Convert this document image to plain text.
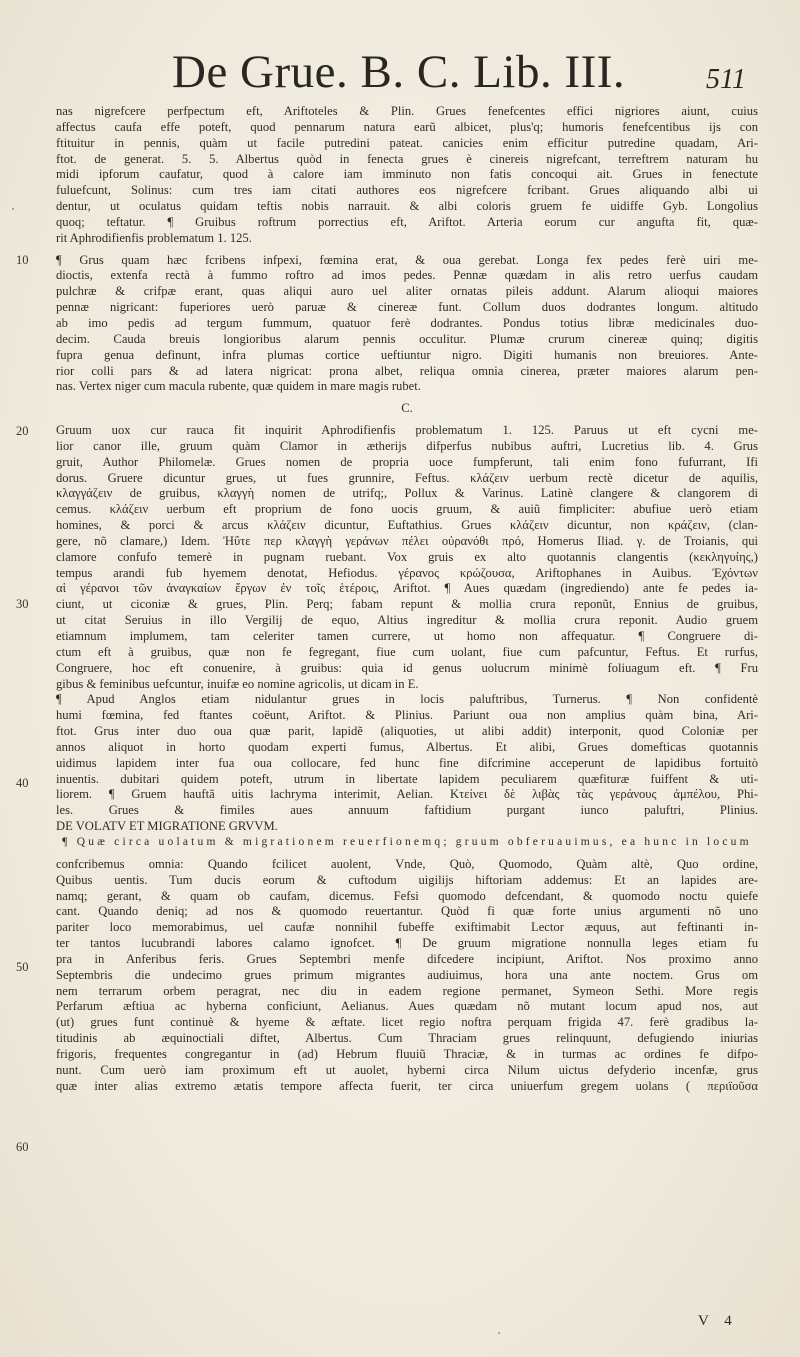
De Grue. B. C. Lib. III.	511
10
20
30
40
50
60
nas nigrefcere perfpectum eft, Ariftoteles & Plin. Grues fenefcentes effici nigriores aiunt, cuius
affectus caufa effe poteft, quod pennarum natura earũ albicet, plus'q; humoris fenefcentibus ijs con
ftituitur in pennis, quàm ut facile putredini pateat. canicies enim efficitur putredine quadam, Ari-
ftot. de generat. 5. 5. Albertus quòd in fenecta grues è cinereis nigrefcant, terreftrem naturam hu
midi ipforum caufatur, quod à calore iam imminuto non fatis concoqui ait. Grues in fenectute
fuluefcunt, Solinus: cum tres iam citati authores eos nigrefcere fcribant. Grues aliquando albi ui
dentur, ut oculatus quidam teftis nobis narrauit. & albi coloris gruem fe uidiffe Gyb. Longolius
quoq; teftatur. ¶ Gruibus roftrum porrectius eft, Ariftot. Arteria eorum cur angufta fit, quæ-
rit Aphrodifienfis problematum 1. 125.
¶ Grus quam hæc fcribens infpexi, fœmina erat, & oua gerebat. Longa fex pedes ferè uiri me-
dioctis, extenfa rectà à fummo roftro ad imos pedes. Pennæ quædam in alis retro uerfus caudam
pulchræ & crifpæ erant, quas aliqui auro uel aliter ornatas pileis addunt. Alarum alioqui maiores
pennæ nigricant: fuperiores uerò paruæ & cinereæ funt. Collum duos dodrantes longum. altitudo
ab imo pedis ad tergum fummum, quatuor ferè dodrantes. Pondus totius libræ medicinales duo-
decim. Cauda breuis longioribus alarum pennis occulitur. Plumæ crurum cinereæ quinq; digitis
fupra genua definunt, infra plumas cortice ueftiuntur nigro. Digiti humanis non breuiores. Ante-
rior colli pars & ad latera nigricat: prona albet, reliqua omnia cinerea, præter maiores alarum pen-
nas. Vertex niger cum macula rubente, quæ quidem in mare magis rubet.
C.
Gruum uox cur rauca fit inquirit Aphrodifienfis problematum 1. 125. Paruus ut eft cycni me-
lior canor ille, gruum quàm Clamor in ætherijs difperfus nubibus auftri, Lucretius lib. 4. Grus
gruit, Author Philomelæ. Grues nomen de propria uoce fumpferunt, tali enim fono fufurrant, Ifi
dorus. Gruere dicuntur grues, ut fues grunnire, Feftus. κλάζειν uerbum rectè dicetur de aquilis,
κλαγγάζειν de gruibus, κλαγγὴ nomen de utrifq;, Pollux & Varinus. Latinè clangere & clangorem di
cemus. κλάζειν uerbum eft proprium de fono uocis gruum, & auiũ fimpliciter: abufiue uerò etiam
homines, & porci & arcus κλάζειν dicuntur, Euftathius. Grues κλάζειν dicuntur, non κράζειν, (clan-
gere, nõ clamare,) Idem. Ἠΰτε περ κλαγγὴ γεράνων πέλει οὐρανόθι πρό, Homerus Iliad. γ. de Troianis, qui
clamore confufo temerè in pugnam ruebant. Vox gruis ex alto quotannis clangentis (κεκληγυίης,)
tempus arandi fub hyemem denotat, Hefiodus. γέρανος κρώζουσα, Ariftophanes in Auibus. Ἐχόντων
αἱ γέρανοι τῶν ἀναγκαίων ἔργων ἐν τοῖς ἑτέροις, Ariftot. ¶ Aues quædam (ingrediendo) ante fe pedes ia-
ciunt, ut ciconiæ & grues, Plin. Perq; fabam repunt & mollia crura reponũt, Ennius de gruibus,
ut citat Seruius in illo Vergilij de equo, Altius ingreditur & mollia crura reponit. Audio gruem
etiamnum implumem, tam celeriter tamen currere, ut homo non affequatur. ¶ Congruere di-
ctum eft à gruibus, quæ non fe fegregant, fiue cum uolant, fiue cum pafcuntur, Feftus. Et rurfus,
Congruere, hoc eft conuenire, à gruibus: quia id genus uolucrum minimè foliuagum eft. ¶ Fru
gibus & feminibus uefcuntur, inuifæ eo nomine agricolis, ut dicam in E.
¶ Apud Anglos etiam nidulantur grues in locis paluftribus, Turnerus. ¶ Non confidentè
humi fœmina, fed ftantes coëunt, Ariftot. & Plinius. Pariunt oua non amplius quàm bina, Ari-
ftot. Grus inter duo oua quæ parit, lapidẽ (aliquoties, ut alibi addit) interponit, quod Coloniæ per
annos aliquot in horto quodam experti fumus, Albertus. Et alibi, Grues domefticas quotannis
uidimus lapidem inter fua oua collocare, fed hunc fine difcrimine acceperunt de lapidibus fortuitò
inuentis. dubitari quidem poteft, utrum in libertate lapidem peculiarem quæfituræ fuiffent & uti-
liorem. ¶ Gruem hauftã uitis lachryma interimit, Aelian. Κτείνει δὲ λιβὰς τὰς γεράνους ἀμπέλου, Phi-
les. Grues & fimiles aues annuum faftidium purgant iunco paluftri, Plinius.
DE VOLATV ET MIGRATIONE GRVVM.
¶ Quæ circa uolatum & migrationem reuerfionemq; gruum obferuauimus, ea hunc in locum
confcribemus omnia: Quando fcilicet auolent, Vnde, Quò, Quomodo, Quàm altè, Quo ordine,
Quibus uentis. Tum ducis eorum & cuftodum uigilijs hiftoriam addemus: Et an lapides are-
namq; gerant, & quam ob caufam, dicemus. Fefsi quomodo defcendant, & quomodo noctu quiefe
cant. Quando deniq; ad nos & quomodo reuertantur. Quòd fi quæ forte unius argumenti nõ uno
pariter loco memorabimus, uel caufæ nonnihil fubeffe exiftimabit Lector æquus, aut feftinanti in-
ter tantos lucubrandi labores calamo ignofcet. ¶ De gruum migratione nonnulla leges etiam fu
pra in Anferibus feris. Grues Septembri menfe difcedere incipiunt, Ariftot. Nos proximo anno
Septembris die undecimo grues primum migrantes audiuimus, hora una ante noctem. Grus om
nem terrarum orbem peragrat, nec diu in eadem regione permanet, Symeon Sethi. More regis
Perfarum æftiua ac hyberna conficiunt, Aelianus. Aues quædam nõ mutant locum apud nos, aut
(ut) grues funt continuè & hyeme & æftate. licet regio noftra perquam frigida 47. ferè gradibus la-
titudinis ab æquinoctiali diftet, Albertus. Cum Thraciam grues relinquunt, defugiendo iniurias
frigoris, frequentes congregantur in (ad) Hebrum fluuiũ Thraciæ, & in turmas ac ordines fe difpo-
nunt. Cum uerò iam proximum eft ut auolet, hyberni circa Nilum uictus defyderio incenfæ, grus
quæ inter alias extremo ætatis tempore affecta fuerit, ter circa uniuerfum gregem uolans ( περιϊοῦσα
V 4
